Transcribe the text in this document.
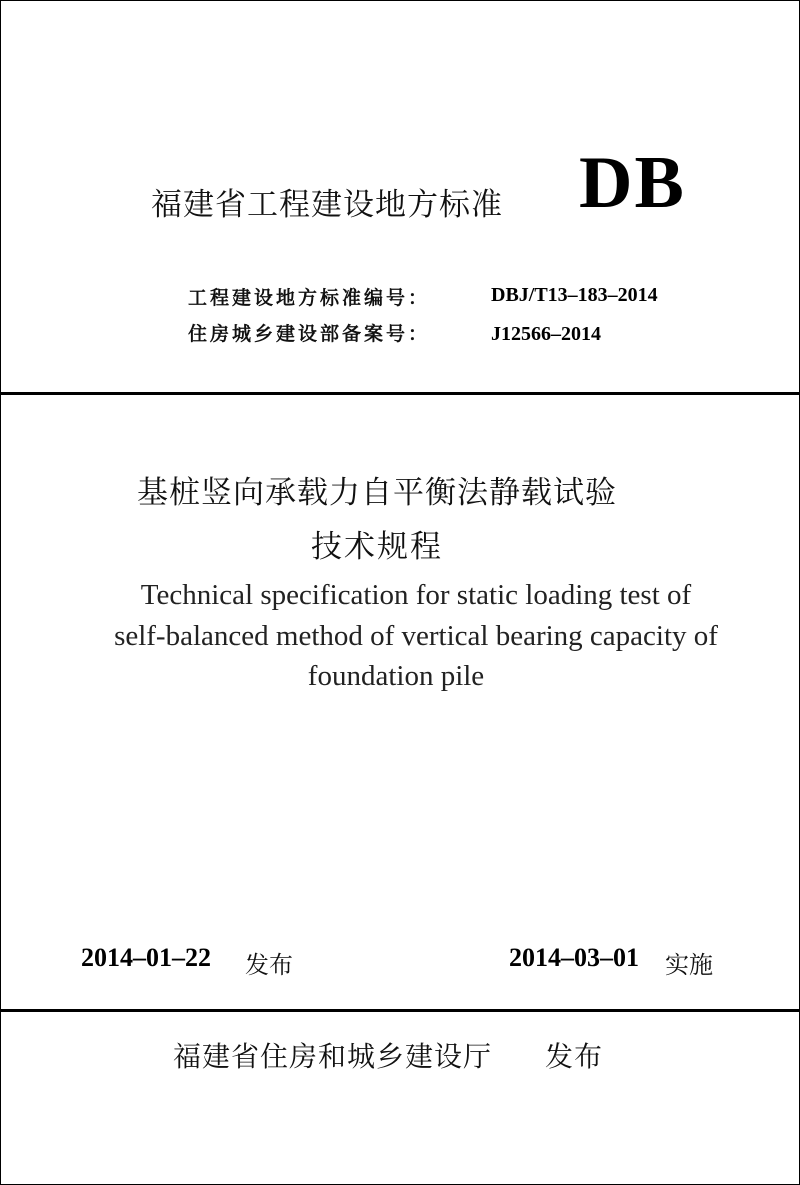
福建省工程建设地方标准 DB
工程建设地方标准编号：	DBJ/T13–183–2014
住房城乡建设部备案号：	J12566–2014
基桩竖向承载力自平衡法静载试验
技术规程
Technical specification for static loading test of
self-balanced method of vertical bearing capacity of
foundation pile
2014–01–22 发布	2014–03–01 实施
福建省住房和城乡建设厅 发布
